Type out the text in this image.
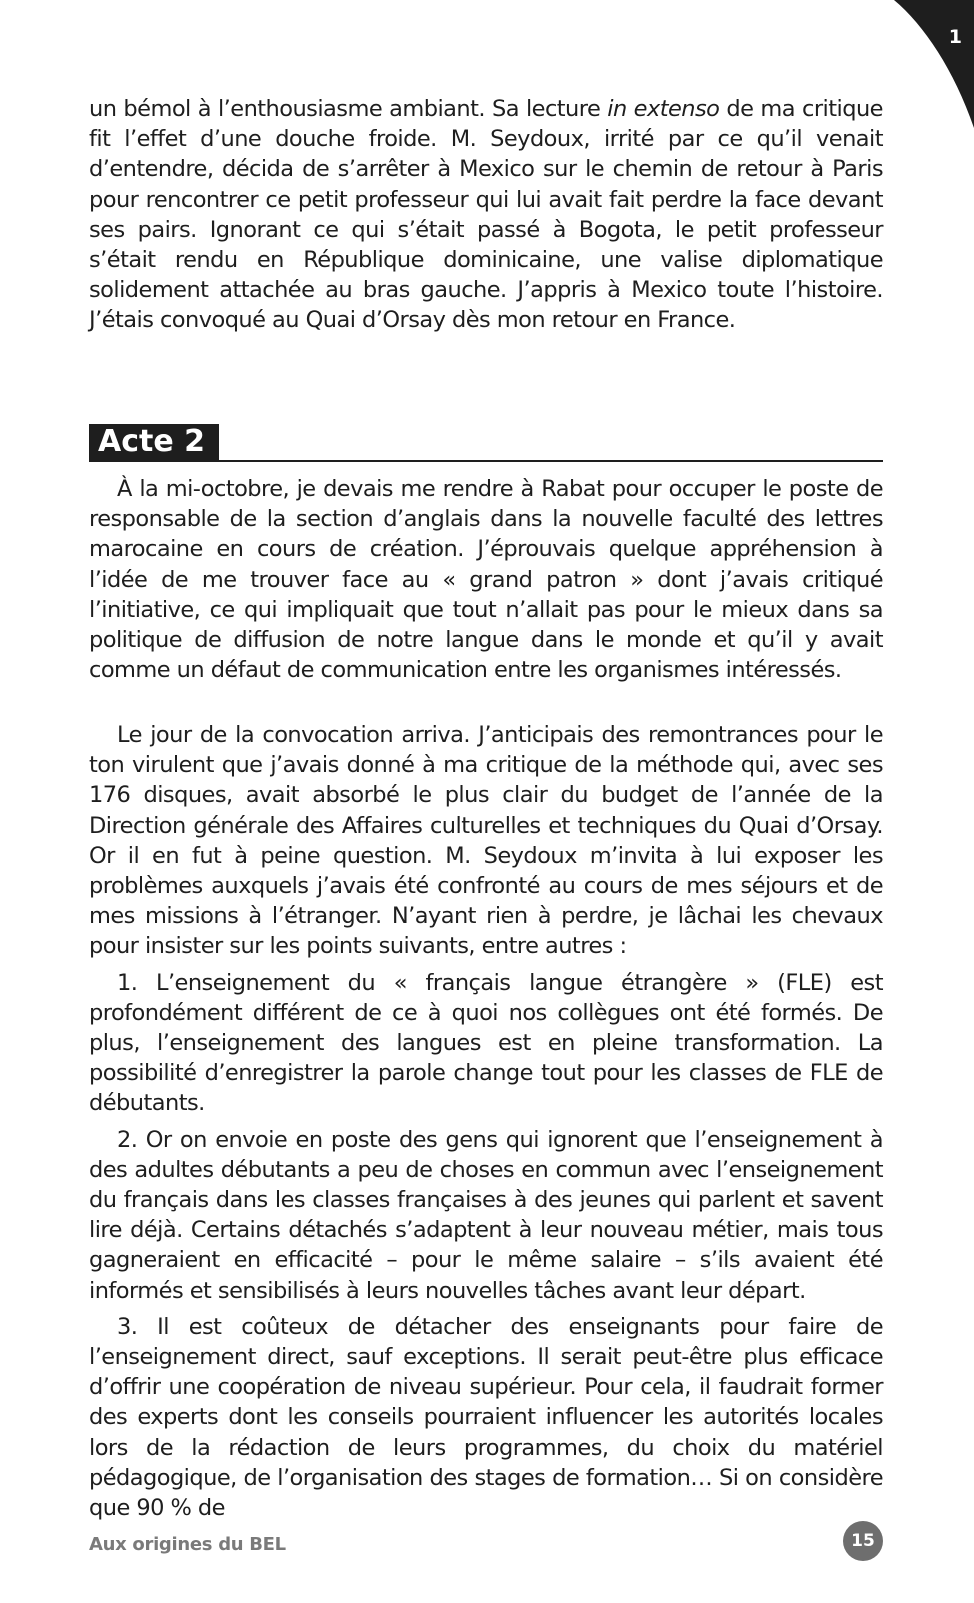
1

un bémol à l’enthousiasme ambiant. Sa lecture in extenso de ma critique fit l’effet d’une douche froide. M. Seydoux, irrité par ce qu’il venait d’entendre, décida de s’arrêter à Mexico sur le chemin de retour à Paris pour rencontrer ce petit professeur qui lui avait fait perdre la face devant ses pairs. Ignorant ce qui s’était passé à Bogota, le petit professeur s’était rendu en République dominicaine, une valise diplomatique solidement attachée au bras gauche. J’appris à Mexico toute l’histoire. J’étais convoqué au Quai d’Orsay dès mon retour en France.

Acte 2

À la mi-octobre, je devais me rendre à Rabat pour occuper le poste de responsable de la section d’anglais dans la nouvelle faculté des lettres marocaine en cours de création. J’éprouvais quelque appréhension à l’idée de me trouver face au « grand patron » dont j’avais critiqué l’initiative, ce qui impliquait que tout n’allait pas pour le mieux dans sa politique de diffusion de notre langue dans le monde et qu’il y avait comme un défaut de communication entre les organismes intéressés.

Le jour de la convocation arriva. J’anticipais des remontrances pour le ton virulent que j’avais donné à ma critique de la méthode qui, avec ses 176 disques, avait absorbé le plus clair du budget de l’année de la Direction générale des Affaires culturelles et techniques du Quai d’Orsay. Or il en fut à peine question. M. Seydoux m’invita à lui exposer les problèmes auxquels j’avais été confronté au cours de mes séjours et de mes missions à l’étranger. N’ayant rien à perdre, je lâchai les chevaux pour insister sur les points suivants, entre autres :

1. L’enseignement du « français langue étrangère » (FLE) est profondément différent de ce à quoi nos collègues ont été formés. De plus, l’enseignement des langues est en pleine transformation. La possibilité d’enregistrer la parole change tout pour les classes de FLE de débutants.

2. Or on envoie en poste des gens qui ignorent que l’enseignement à des adultes débutants a peu de choses en commun avec l’enseignement du français dans les classes françaises à des jeunes qui parlent et savent lire déjà. Certains détachés s’adaptent à leur nouveau métier, mais tous gagneraient en efficacité – pour le même salaire – s’ils avaient été informés et sensibilisés à leurs nouvelles tâches avant leur départ.

3. Il est coûteux de détacher des enseignants pour faire de l’enseignement direct, sauf exceptions. Il serait peut-être plus efficace d’offrir une coopération de niveau supérieur. Pour cela, il faudrait former des experts dont les conseils pourraient influencer les autorités locales lors de la rédaction de leurs programmes, du choix du matériel pédagogique, de l’organisation des stages de formation… Si on considère que 90 % de

Aux origines du BEL	15
